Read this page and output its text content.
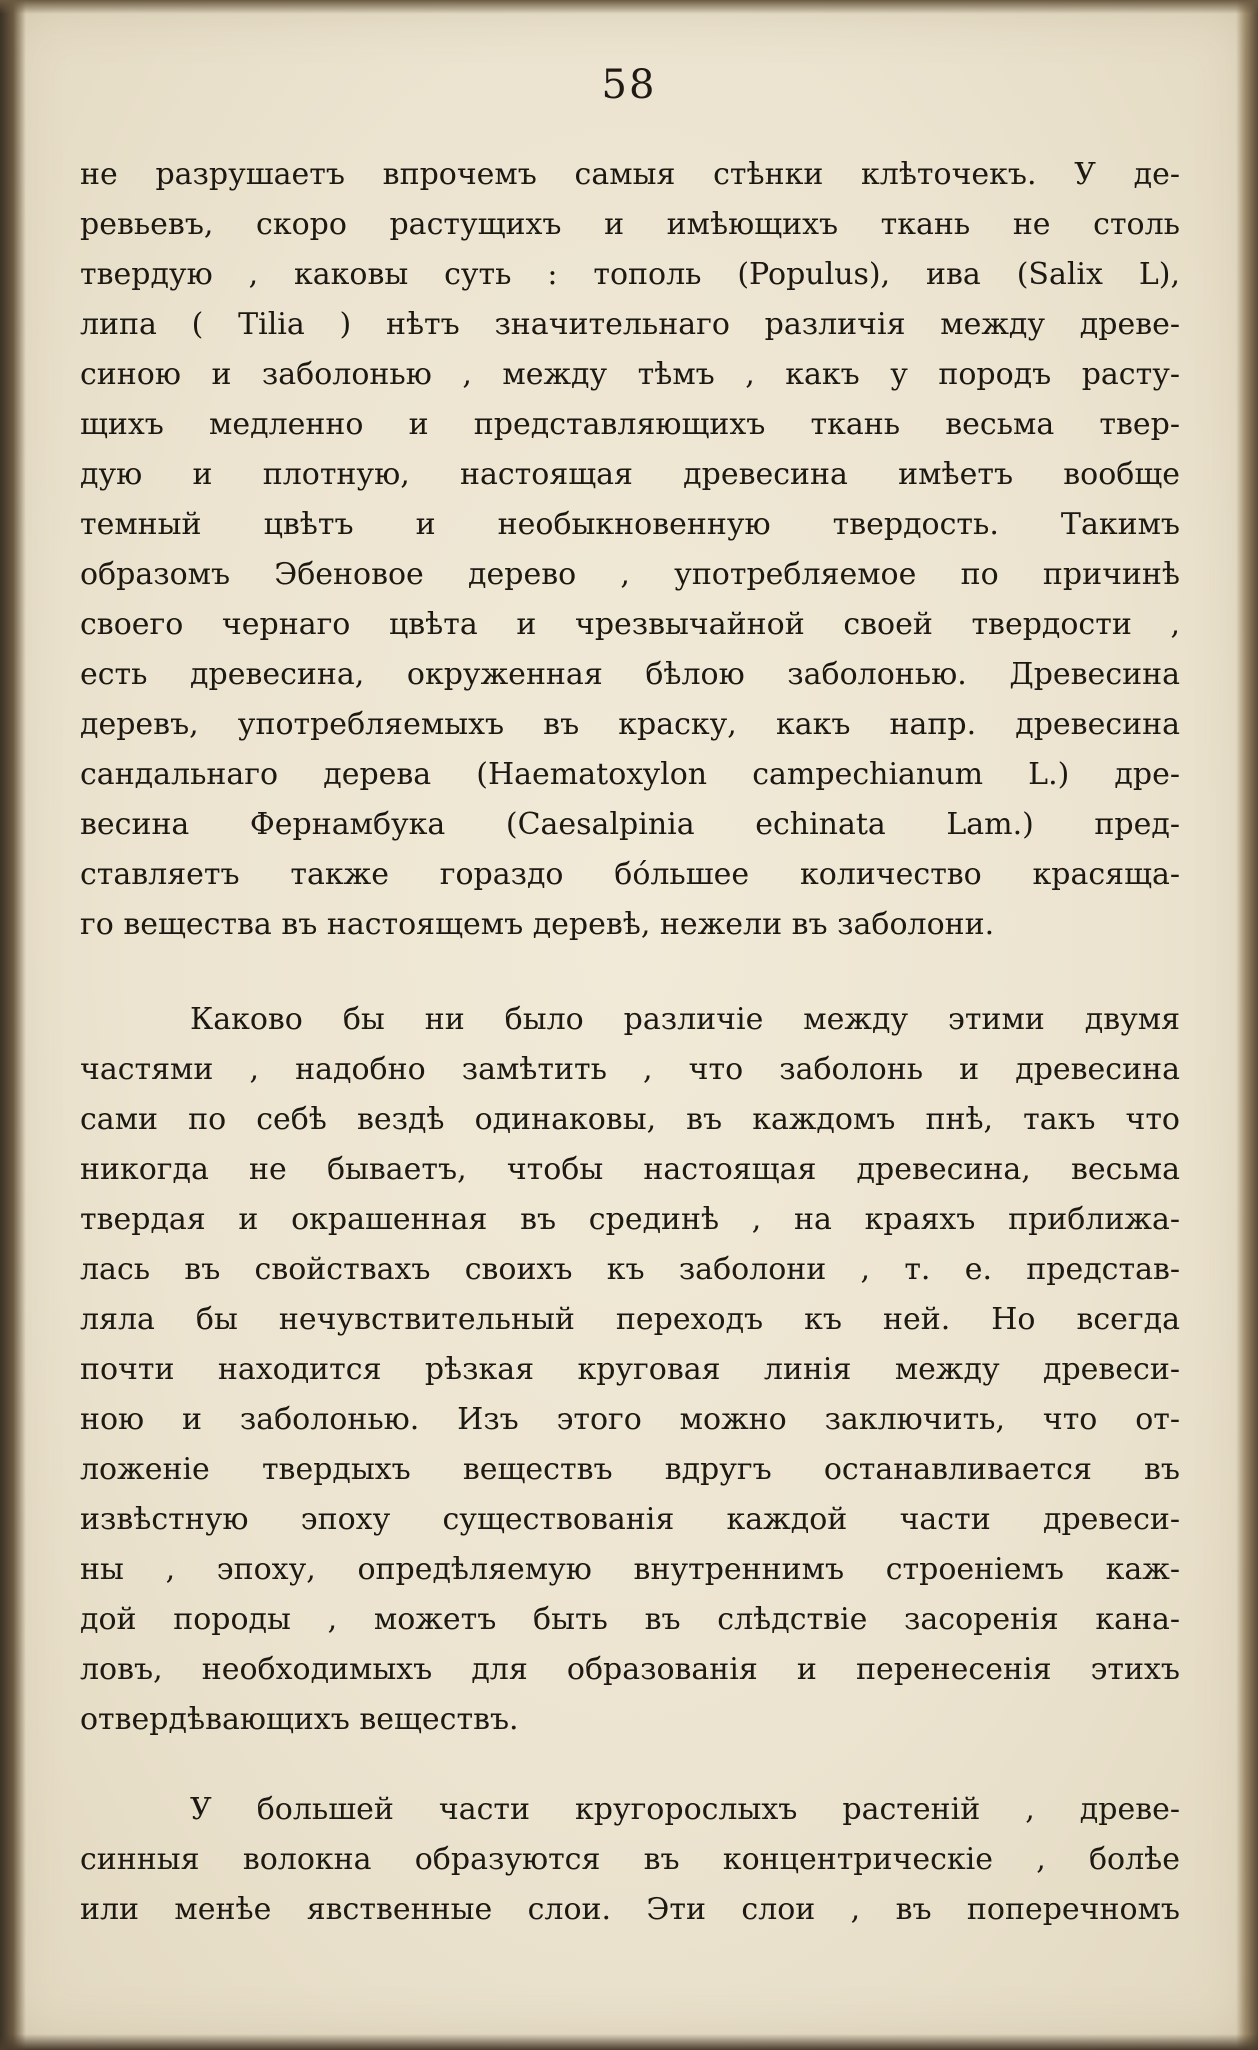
58
не разрушаетъ впрочемъ самыя стѣнки клѣточекъ. У де-
ревьевъ, скоро растущихъ и имѣющихъ ткань не столь
твердую , каковы суть : тополь (Populus), ива (Salix L),
липа ( Tilia ) нѣтъ значительнаго различія между древе-
синою и заболонью , между тѣмъ , какъ у породъ расту-
щихъ медленно и представляющихъ ткань весьма твер-
дую и плотную, настоящая древесина имѣетъ вообще
темный цвѣтъ и необыкновенную твердость. Такимъ
образомъ Эбеновое дерево , употребляемое по причинѣ
своего чернаго цвѣта и чрезвычайной своей твердости ,
есть древесина, окруженная бѣлою заболонью. Древесина
деревъ, употребляемыхъ въ краску, какъ напр. древесина
сандальнаго дерева (Haematoxylon campechianum L.) дре-
весина Фернамбука (Caesalpinia echinata Lam.) пред-
ставляетъ также гораздо бóльшее количество красяща-
го вещества въ настоящемъ деревѣ, нежели въ заболони.
Каково бы ни было различіе между этими двумя
частями , надобно замѣтить , что заболонь и древесина
сами по себѣ вездѣ одинаковы, въ каждомъ пнѣ, такъ что
никогда не бываетъ, чтобы настоящая древесина, весьма
твердая и окрашенная въ срединѣ , на краяхъ приближа-
лась въ свойствахъ своихъ къ заболони , т. е. представ-
ляла бы нечувствительный переходъ къ ней. Но всегда
почти находится рѣзкая круговая линія между древеси-
ною и заболонью. Изъ этого можно заключить, что от-
ложеніе твердыхъ веществъ вдругъ останавливается въ
извѣстную эпоху существованія каждой части древеси-
ны , эпоху, опредѣляемую внутреннимъ строеніемъ каж-
дой породы , можетъ быть въ слѣдствіе засоренія кана-
ловъ, необходимыхъ для образованія и перенесенія этихъ
отвердѣвающихъ веществъ.
У большей части кругорослыхъ растеній , древе-
синныя волокна образуются въ концентрическіе , болѣе
или менѣе явственные слои. Эти слои , въ поперечномъ
